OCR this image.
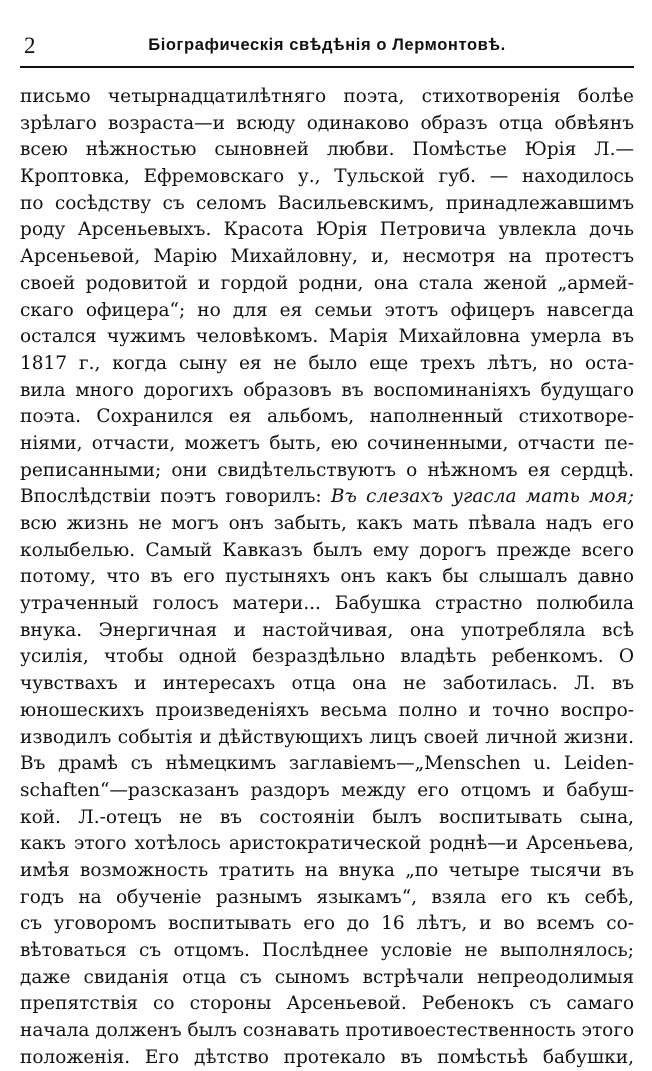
2	Біографическія свѣдѣнія о Лермонтовѣ.
письмо четырнадцатилѣтняго поэта, стихотворенія болѣе
зрѣлаго возраста—и всюду одинаково образъ отца обвѣянъ
всею нѣжностью сыновней любви. Помѣстье Юрія Л.—
Кроптовка, Ефремовскаго у., Тульской губ. — находилось
по сосѣдству съ селомъ Васильевскимъ, принадлежавшимъ
роду Арсеньевыхъ. Красота Юрія Петровича увлекла дочь
Арсеньевой, Марію Михайловну, и, несмотря на протестъ
своей родовитой и гордой родни, она стала женой „армей-
скаго офицера“; но для ея семьи этотъ офицеръ навсегда
остался чужимъ человѣкомъ. Марія Михайловна умерла въ
1817 г., когда сыну ея не было еще трехъ лѣтъ, но оста-
вила много дорогихъ образовъ въ воспоминаніяхъ будущаго
поэта. Сохранился ея альбомъ, наполненный стихотворе-
ніями, отчасти, можетъ быть, ею сочиненными, отчасти пе-
реписанными; они свидѣтельствуютъ о нѣжномъ ея сердцѣ.
Впослѣдствіи поэтъ говорилъ: Въ слезахъ угасла мать моя;
всю жизнь не могъ онъ забыть, какъ мать пѣвала надъ его
колыбелью. Самый Кавказъ былъ ему дорогъ прежде всего
потому, что въ его пустыняхъ онъ какъ бы слышалъ давно
утраченный голосъ матери... Бабушка страстно полюбила
внука. Энергичная и настойчивая, она употребляла всѣ
усилія, чтобы одной безраздѣльно владѣть ребенкомъ. О
чувствахъ и интересахъ отца она не заботилась. Л. въ
юношескихъ произведеніяхъ весьма полно и точно воспро-
изводилъ событія и дѣйствующихъ лицъ своей личной жизни.
Въ драмѣ съ нѣмецкимъ заглавіемъ—„Menschen u. Leiden-
schaften“—разсказанъ раздоръ между его отцомъ и бабуш-
кой. Л.-отецъ не въ состояніи былъ воспитывать сына,
какъ этого хотѣлось аристократической роднѣ—и Арсеньева,
имѣя возможность тратить на внука „по четыре тысячи въ
годъ на обученіе разнымъ языкамъ“, взяла его къ себѣ,
съ уговоромъ воспитывать его до 16 лѣтъ, и во всемъ со-
вѣтоваться съ отцомъ. Послѣднее условіе не выполнялось;
даже свиданія отца съ сыномъ встрѣчали непреодолимыя
препятствія со стороны Арсеньевой. Ребенокъ съ самаго
начала долженъ былъ сознавать противоестественность этого
положенія. Его дѣтство протекало въ помѣстьѣ бабушки,
